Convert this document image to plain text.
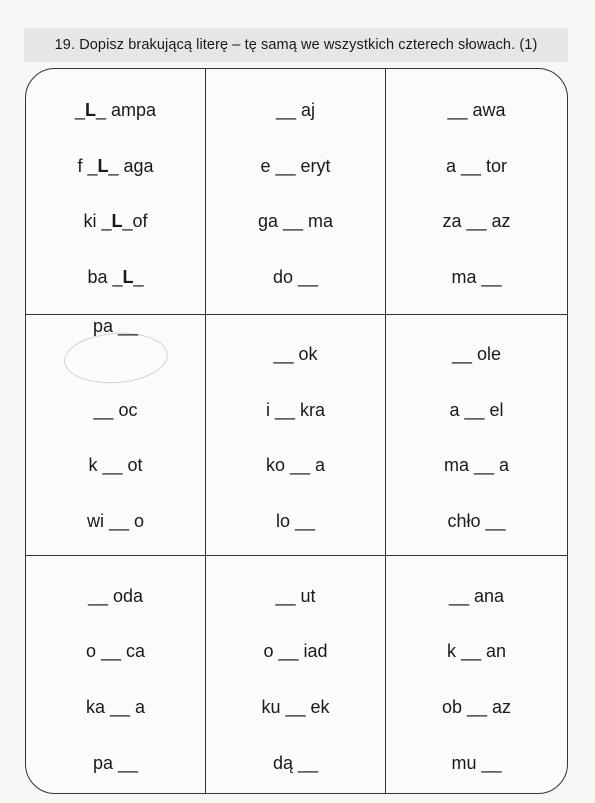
19. Dopisz brakującą literę – tę samą we wszystkich czterech słowach. (1)
_L_ ampa
f _L_ aga
ki _L_of
ba _L_
__ aj
e __ eryt
ga __ ma
do __
__ awa
a __ tor
za __ az
ma __
__ oc
k __ ot
wi __ o
pa __
__ ok
i __ kra
ko __ a
lo __
__ ole
a __ el
ma __ a
chło __
__ oda
o __ ca
ka __ a
pa __
__ ut
o __ iad
ku __ ek
dą __
__ ana
k __ an
ob __ az
mu __
